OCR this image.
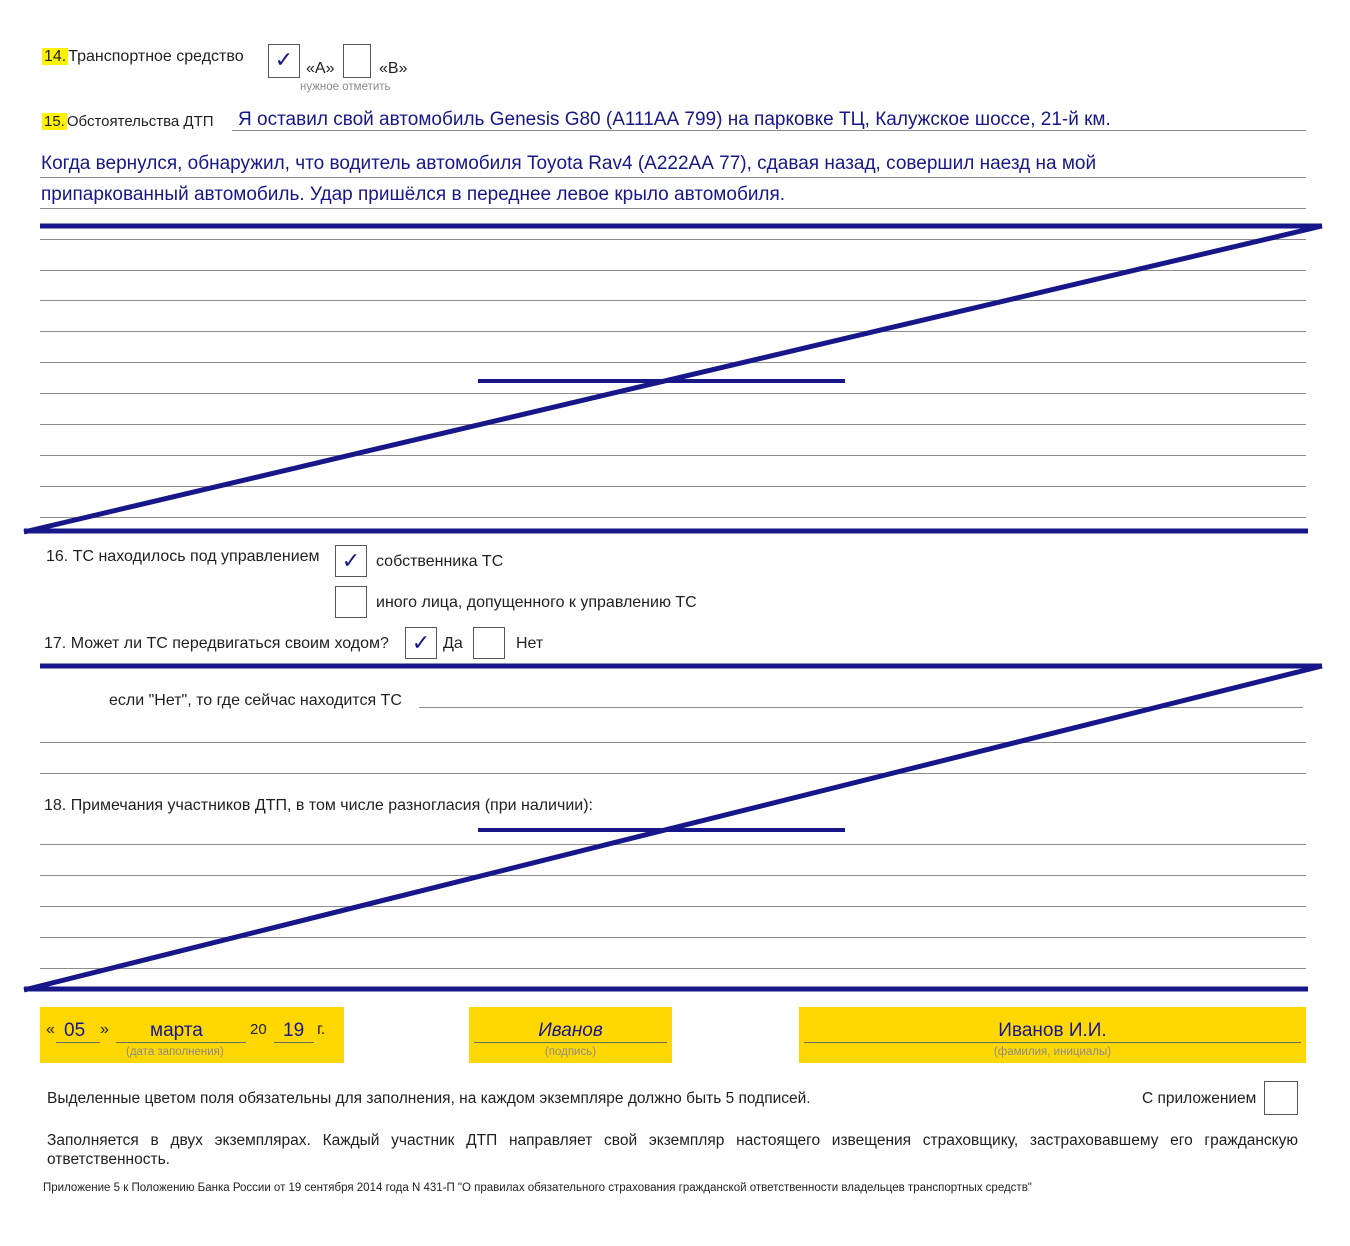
14. Транспортное средство	✓ «А»	«В»
нужное отметить
15. Обстоятельства ДТП Я оставил свой автомобиль Genesis G80 (А111АА 799) на парковке ТЦ, Калужское шоссе, 21-й км.
Когда вернулся, обнаружил, что водитель автомобиля Toyota Rav4 (А222АА 77), сдавая назад, совершил наезд на мой
припаркованный автомобиль. Удар пришёлся в переднее левое крыло автомобиля.
16. ТС находилось под управлением	✓ собственника ТС
иного лица, допущенного к управлению ТС
17. Может ли ТС передвигаться своим ходом?	✓ Да	Нет
если "Нет", то где сейчас находится ТС
18. Примечания участников ДТП, в том числе разногласия (при наличии):
« 05 » марта	20 19 г.
(дата заполнения)
Иванов
(подпись)
Иванов И.И.
(фамилия, инициалы)
Выделенные цветом поля обязательны для заполнения, на каждом экземпляре должно быть 5 подписей.	С приложением
Заполняется в двух экземплярах. Каждый участник ДТП направляет свой экземпляр настоящего извещения страховщику, застраховавшему его гражданскую ответственность.
Приложение 5 к Положению Банка России от 19 сентября 2014 года N 431-П "О правилах обязательного страхования гражданской ответственности владельцев транспортных средств"
